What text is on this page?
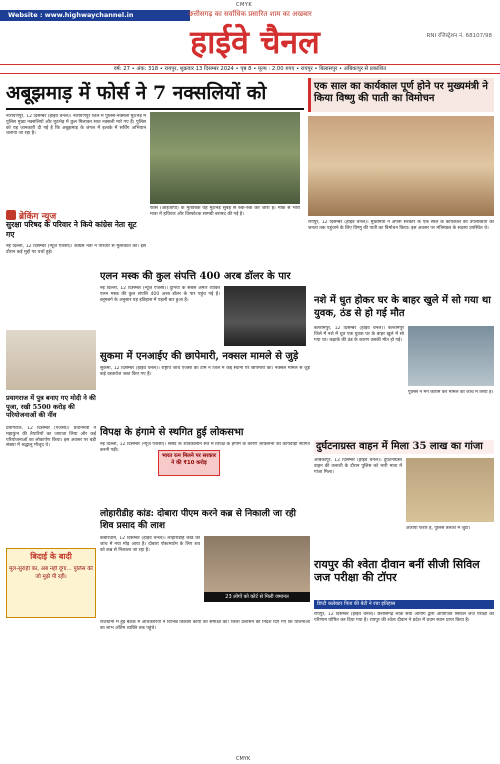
Website : www.highwaychannel.in
CMYK
छत्तीसगढ़ का सर्वाधिक प्रसारित शाम का अखबार
हाईवे चैनल	RNI रजिस्ट्रेशन नं. 68107/98
वर्ष: 27 • अंक: 318 • रायपुर, शुक्रवार 13 दिसम्बर 2024 • पृष्ठ 8 • मूल्य : 2.00 रुपए • रायपुर • बिलासपुर • अंबिकापुर से प्रकाशित
अबूझमाड़ में फोर्स ने 7 नक्सलियों को
नारायणपुर, 12 दिसम्बर (हाईवे चैनल)। नारायणपुर जिले में पुलिस-नक्सली मुठभेड़ में पुलिस मुख्य नक्सलियों और मुठभेड़ में कुल मिलाकर सात नक्सली मारे गए हैं। पुलिस को यह जानकारी दी गई है कि अबूझमाड़ के जंगल में इलाके में सर्चिंग अभियान चलाया जा रहा है।
फोर्स (आईजीपी) के मुताबिक यह मुठभेड़ सुबह से रुक-रुक कर जारी है। मौके से भारी मात्रा में हथियार और विस्फोटक सामग्री बरामद की गई है।
ब्रेकिंग न्यूज
सुरक्षा परिषद के परिवार ने किये कांग्रेस नेता सूट गए
नई दिल्ली, 12 दिसम्बर (न्यूज़ एजेंसी)। कांग्रेस नेता ने परिवार से मुलाकात की। इस दौरान कई मुद्दों पर चर्चा हुई।
एक साल का कार्यकाल पूर्ण होने पर मुख्यमंत्री ने किया विष्णु की पाती का विमोचन
रायपुर, 12 दिसम्बर (हाईवे चैनल)। मुख्यमंत्री ने अपनी सरकार के एक साल के कार्यकाल की उपलब्धियों को जनता तक पहुंचाने के लिए विष्णु की पाती का विमोचन किया। इस अवसर पर मंत्रिमंडल के सदस्य उपस्थित थे।
एलन मस्क की कुल संपत्ति 400 अरब डॉलर के पार
नई दिल्ली, 12 दिसम्बर (न्यूज़ एजेंसी)। दुनिया के सबसे अमीर व्यक्ति एलन मस्क की कुल संपत्ति 400 अरब डॉलर के पार पहुंच गई है। ब्लूमबर्ग के अनुसार यह इतिहास में पहली बार हुआ है।
सुकमा में एनआईए की छापेमारी, नक्सल मामले से जुड़े
सुकमा, 12 दिसम्बर (हाईवे चैनल)। राष्ट्रीय जांच एजेंसी की टीम ने जिले में कई स्थानों पर छापेमारी की। नक्सल मामले से जुड़े कई दस्तावेज जब्त किए गए हैं।
प्रयागराज में पुत्र बनाए गए मोदी ने की पूजा, रखी 5500 करोड़ की परियोजनाओं की नींव
प्रयागराज, 12 दिसम्बर (एजेंसी)। प्रधानमंत्री ने महाकुंभ की तैयारियों का जायजा लिया और कई परियोजनाओं का लोकार्पण किया। इस अवसर पर बड़ी संख्या में श्रद्धालु मौजूद थे।
नशे में धुत होकर घर के बाहर खुले में सो गया था युवक, ठंड से हो गई मौत
बलरामपुर, 12 दिसम्बर (हाईवे चैनल)। बलरामपुर जिले में नशे में धुत एक युवक घर के बाहर खुले में सो गया था। कड़ाके की ठंड के कारण उसकी मौत हो गई।
पुलिस ने मर्ग कायम कर मामले को जांच में लिया है।
विपक्ष के हंगामे से स्थगित हुई लोकसभा
नई दिल्ली, 12 दिसम्बर (न्यूज़ एजेंसी)। संसद के शीतकालीन सत्र में विपक्ष के हंगामे के कारण लोकसभा की कार्यवाही स्थगित करनी पड़ी।
भारत रत्न मिलने पर सरकार ने की ₹10 करोड़
दुर्घटनाग्रस्त वाहन में मिला 35 लाख का गांजा
अंबिकापुर, 12 दिसम्बर (हाईवे चैनल)। दुर्घटनाग्रस्त वाहन की तलाशी के दौरान पुलिस को भारी मात्रा में गांजा मिला।
आरोपी फरार है, पुलिस तलाश में जुटी।
लोहारीडीह कांड: दोबारा पीएम करने कब्र से निकाली जा रही शिव प्रसाद की लाश
कबीरधाम, 12 दिसम्बर (हाईवे चैनल)। लोहारीडीह कांड की जांच में नया मोड़ आया है। दोबारा पोस्टमार्टम के लिए शव को कब्र से निकाला जा रहा है।
23 लोगों को कोर्ट से मिली जमानत
रायपुर की श्वेता दीवान बनीं सीजी सिविल जज परीक्षा की टॉपर
डिप्टी कलेक्टर पिता की बेटी ने रचा इतिहास
रायपुर, 12 दिसम्बर (हाईवे चैनल)। छत्तीसगढ़ लोक सेवा आयोग द्वारा आयोजित सिविल जज परीक्षा का परिणाम घोषित कर दिया गया है। रायपुर की श्वेता दीवान ने प्रदेश में प्रथम स्थान प्राप्त किया है।
बिदाई के बादी
मूल-सुराही का, अब नहीं दूंगा... पुलिस की जो मुझे पी रही।
राजधानी में हुई बैठक में अधिकारियों ने विभिन्न विकास कार्यों की समीक्षा की। जिला प्रशासन को निर्देश दिए गए कि योजनाओं का लाभ अंतिम व्यक्ति तक पहुंचे।
CMYK
